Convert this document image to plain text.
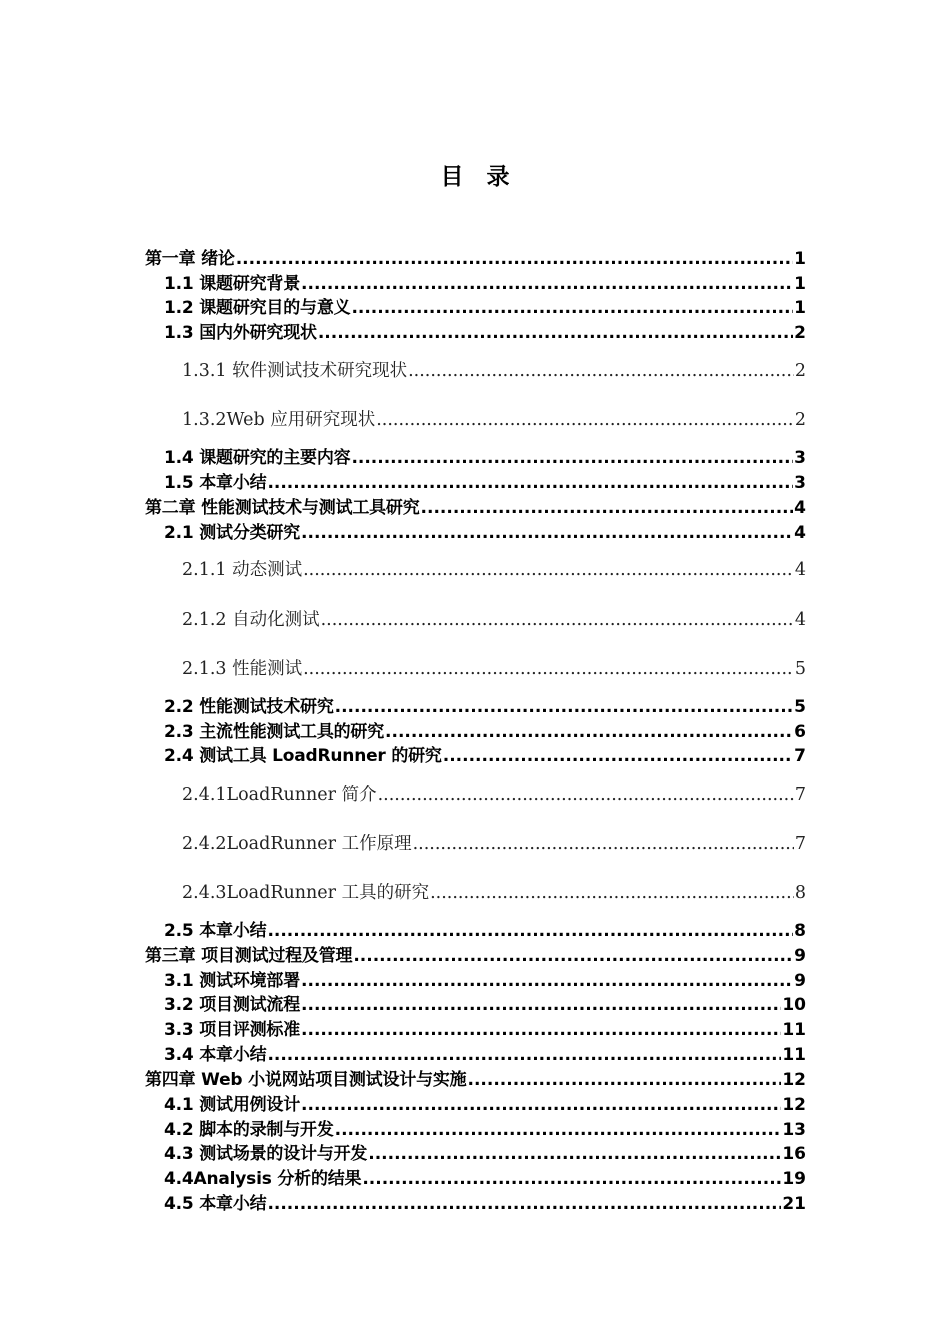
目　录
第一章 绪论 .....	1
1.1 课题研究背景 .....	1
1.2 课题研究目的与意义 .....	1
1.3 国内外研究现状 .....	2
1.3.1 软件测试技术研究现状 .....	2
1.3.2Web 应用研究现状 .....	2
1.4 课题研究的主要内容 .....	3
1.5 本章小结 .....	3
第二章 性能测试技术与测试工具研究 .....	4
2.1 测试分类研究 .....	4
2.1.1 动态测试 .....	4
2.1.2 自动化测试 .....	4
2.1.3 性能测试 .....	5
2.2 性能测试技术研究 .....	5
2.3 主流性能测试工具的研究 .....	6
2.4 测试工具 LoadRunner 的研究 .....	7
2.4.1LoadRunner 简介 .....	7
2.4.2LoadRunner 工作原理 .....	7
2.4.3LoadRunner 工具的研究 .....	8
2.5 本章小结 .....	8
第三章 项目测试过程及管理 .....	9
3.1 测试环境部署 .....	9
3.2 项目测试流程 .....	10
3.3 项目评测标准 .....	11
3.4 本章小结 .....	11
第四章 Web 小说网站项目测试设计与实施 .....	12
4.1 测试用例设计 .....	12
4.2 脚本的录制与开发 .....	13
4.3 测试场景的设计与开发 .....	16
4.4Analysis 分析的结果 .....	19
4.5 本章小结 .....	21
